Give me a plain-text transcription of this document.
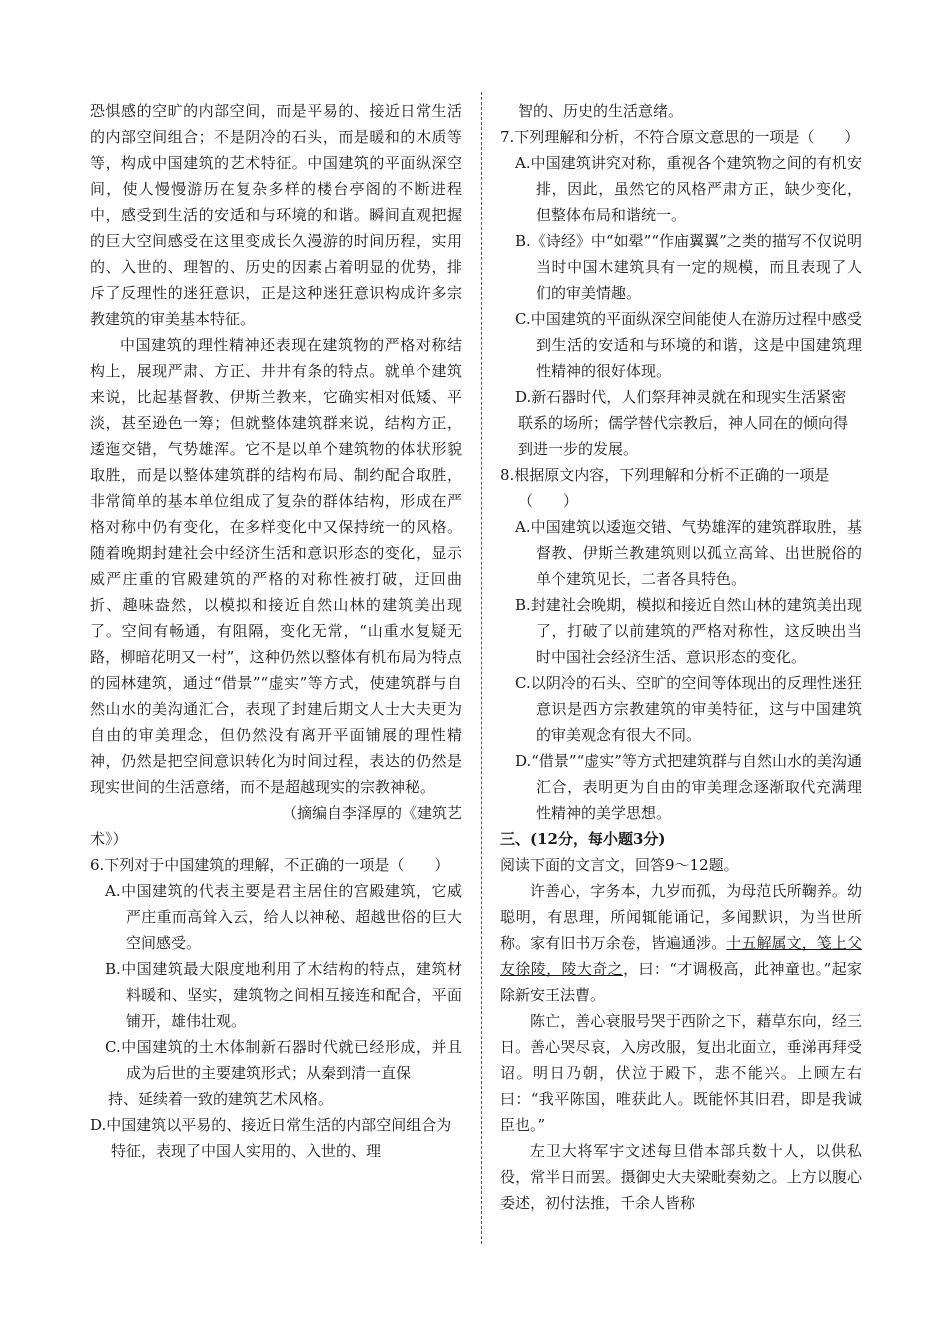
恐惧感的空旷的内部空间，而是平易的、接近日常生活的内部空间组合；不是阴冷的石头，而是暖和的木质等等，构成中国建筑的艺术特征。中国建筑的平面纵深空间，使人慢慢游历在复杂多样的楼台亭阁的不断进程中，感受到生活的安适和与环境的和谐。瞬间直观把握的巨大空间感受在这里变成长久漫游的时间历程，实用的、入世的、理智的、历史的因素占着明显的优势，排斥了反理性的迷狂意识，正是这种迷狂意识构成许多宗教建筑的审美基本特征。

中国建筑的理性精神还表现在建筑物的严格对称结构上，展现严肃、方正、井井有条的特点。就单个建筑来说，比起基督教、伊斯兰教来，它确实相对低矮、平淡，甚至逊色一筹；但就整体建筑群来说，结构方正，逶迤交错，气势雄浑。它不是以单个建筑物的体状形貌取胜，而是以整体建筑群的结构布局、制约配合取胜，非常简单的基本单位组成了复杂的群体结构，形成在严格对称中仍有变化，在多样变化中又保持统一的风格。随着晚期封建社会中经济生活和意识形态的变化，显示威严庄重的官殿建筑的严格的对称性被打破，迂回曲折、趣味盎然，以模拟和接近自然山林的建筑美出现了。空间有畅通，有阻隔，变化无常，“山重水复疑无路，柳暗花明又一村”，这种仍然以整体有机布局为特点的园林建筑，通过“借景”“虚实”等方式，使建筑群与自然山水的美沟通汇合，表现了封建后期文人士大夫更为自由的审美理念，但仍然没有离开平面铺展的理性精神，仍然是把空间意识转化为时间过程，表达的仍然是现实世间的生活意绪，而不是超越现实的宗教神秘。

（摘编自李泽厚的《建筑艺

术》）

6.下列对于中国建筑的理解，不正确的一项是（　　）

A.中国建筑的代表主要是君主居住的宫殿建筑，它威严庄重而高耸入云，给人以神秘、超越世俗的巨大空间感受。

B.中国建筑最大限度地利用了木结构的特点，建筑材料暖和、坚实，建筑物之间相互接连和配合，平面铺开，雄伟壮观。

C.中国建筑的土木体制新石器时代就已经形成，并且成为后世的主要建筑形式；从秦到清一直保

持、延续着一致的建筑艺术风格。

D.中国建筑以平易的、接近日常生活的内部空间组合为特征，表现了中国人实用的、入世的、理

智的、历史的生活意绪。

7.下列理解和分析，不符合原文意思的一项是（　　）

A.中国建筑讲究对称，重视各个建筑物之间的有机安排，因此，虽然它的风格严肃方正，缺少变化，但整体布局和谐统一。

B.《诗经》中“如翚”“作庙翼翼”之类的描写不仅说明当时中国木建筑具有一定的规模，而且表现了人们的审美情趣。

C.中国建筑的平面纵深空间能使人在游历过程中感受到生活的安适和与环境的和谐，这是中国建筑理性精神的很好体现。

D.新石器时代，人们祭拜神灵就在和现实生活紧密

联系的场所；儒学替代宗教后，神人同在的倾向得到进一步的发展。

8.根据原文内容，下列理解和分析不正确的一项是（　　）

A.中国建筑以逶迤交错、气势雄浑的建筑群取胜，基督教、伊斯兰教建筑则以孤立高耸、出世脱俗的单个建筑见长，二者各具特色。

B.封建社会晚期，模拟和接近自然山林的建筑美出现了，打破了以前建筑的严格对称性，这反映出当时中国社会经济生活、意识形态的变化。

C.以阴冷的石头、空旷的空间等体现出的反理性迷狂意识是西方宗教建筑的审美特征，这与中国建筑的审美观念有很大不同。

D.“借景”“虚实”等方式把建筑群与自然山水的美沟通汇合，表明更为自由的审美理念逐渐取代充满理性精神的美学思想。

三、(12分，每小题3分)

阅读下面的文言文，回答9～12题。

许善心，字务本，九岁而孤，为母范氏所鞠养。幼聪明，有思理，所闻辄能诵记，多闻默识，为当世所称。家有旧书万余卷，皆遍通涉。十五解属文，笺上父友徐陵，陵大奇之，曰：“才调极高，此神童也。”起家除新安王法曹。

陈亡，善心衰服号哭于西阶之下，藉草东向，经三日。善心哭尽哀，入房改服，复出北面立，垂涕再拜受诏。明日乃朝，伏泣于殿下，悲不能兴。上顾左右曰：“我平陈国，唯获此人。既能怀其旧君，即是我诚臣也。”

左卫大将军宇文述每旦借本部兵数十人，以供私役，常半日而罢。摄御史大夫梁毗奏劾之。上方以腹心委述，初付法推，千余人皆称
